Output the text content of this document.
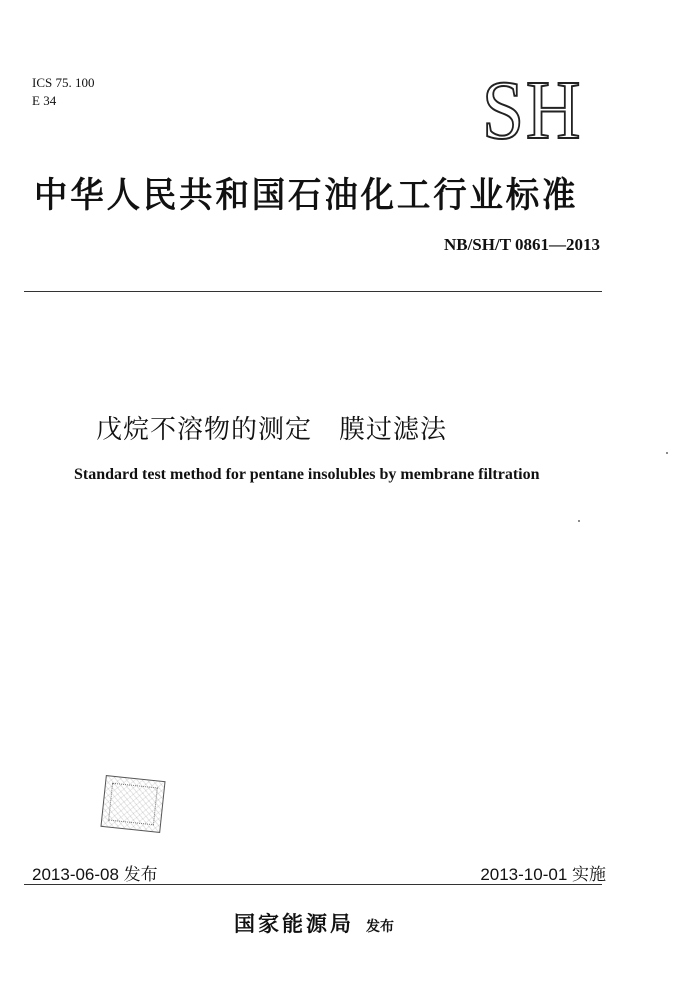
ICS 75. 100
E 34	SH
中华人民共和国石油化工行业标准
NB/SH/T 0861—2013
戊烷不溶物的测定　膜过滤法
Standard test method for pentane insolubles by membrane filtration
2013-06-08 发布	2013-10-01 实施
国家能源局 发布
